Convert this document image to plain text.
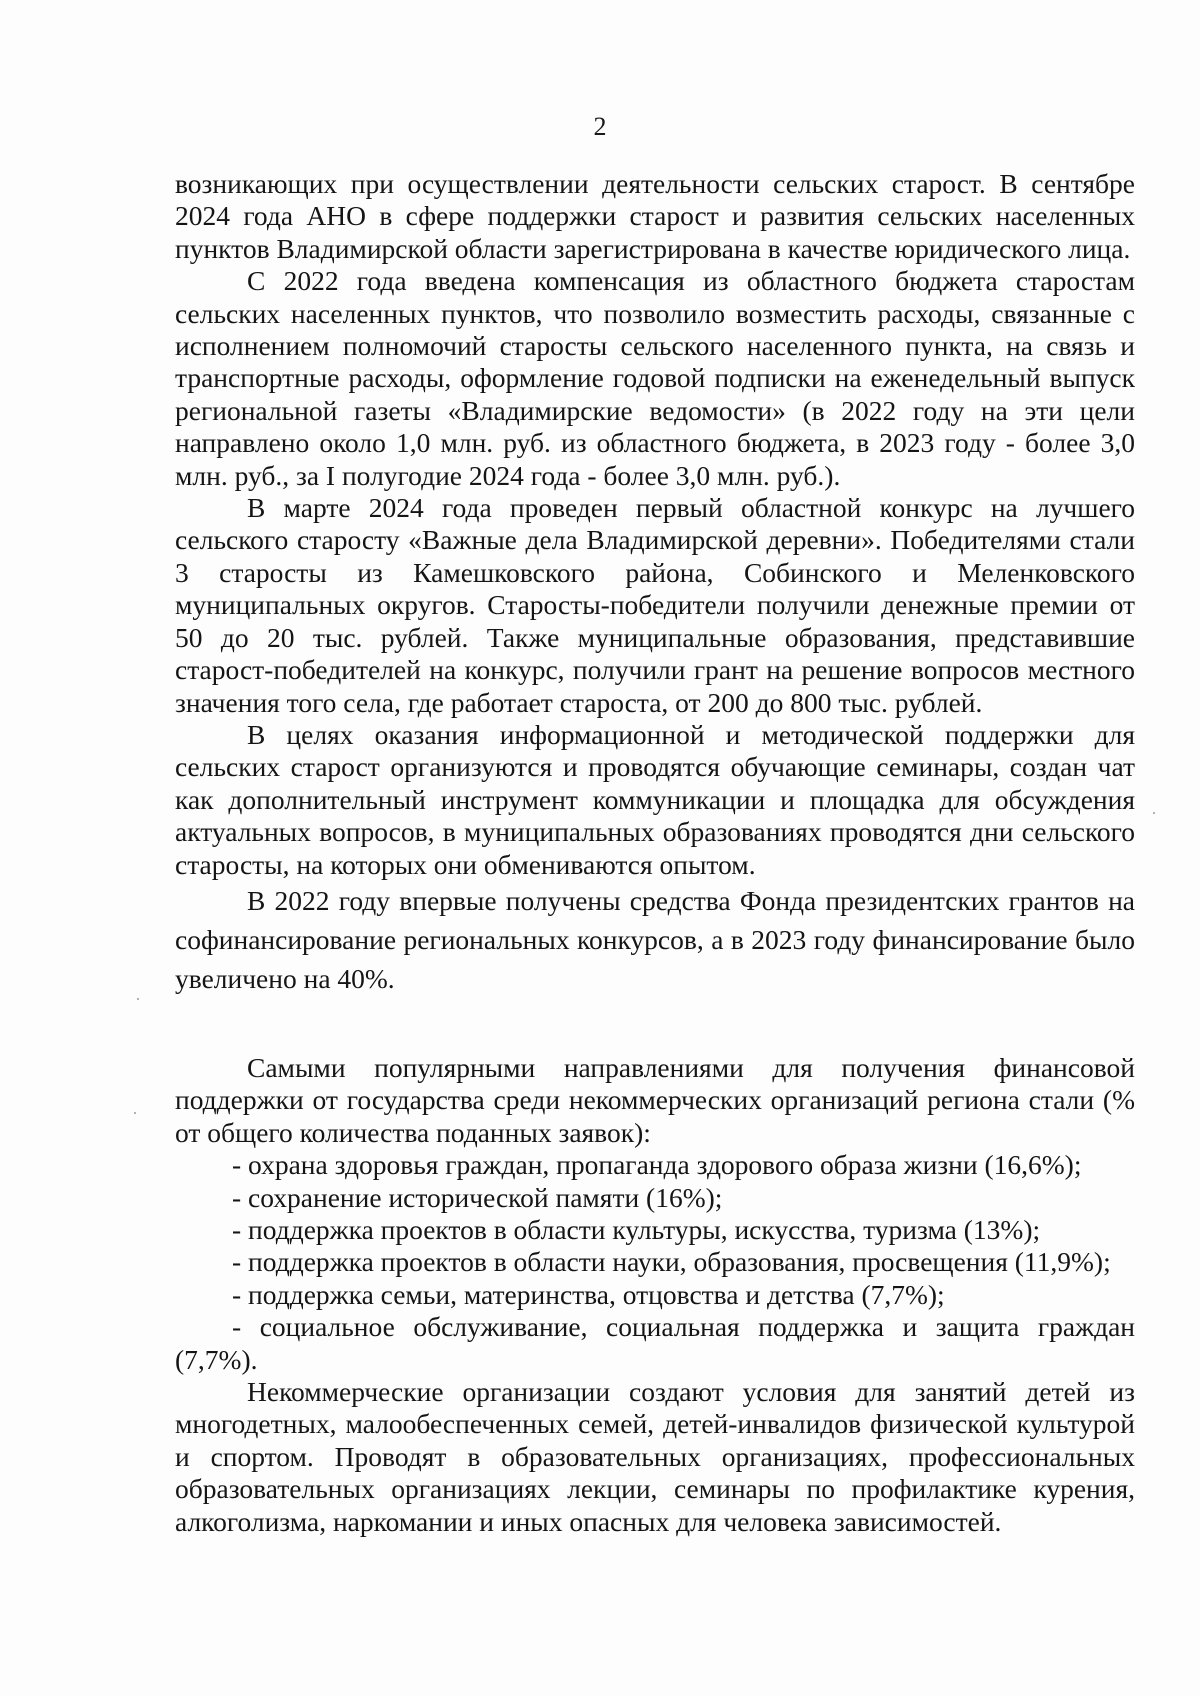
2

возникающих при осуществлении деятельности сельских старост. В сентябре 2024 года АНО в сфере поддержки старост и развития сельских населенных пунктов Владимирской области зарегистрирована в качестве юридического лица.

С 2022 года введена компенсация из областного бюджета старостам сельских населенных пунктов, что позволило возместить расходы, связанные с исполнением полномочий старосты сельского населенного пункта, на связь и транспортные расходы, оформление годовой подписки на еженедельный выпуск региональной газеты «Владимирские ведомости» (в 2022 году на эти цели направлено около 1,0 млн. руб. из областного бюджета, в 2023 году - более 3,0 млн. руб., за I полугодие 2024 года - более 3,0 млн. руб.).

В марте 2024 года проведен первый областной конкурс на лучшего сельского старосту «Важные дела Владимирской деревни». Победителями стали 3 старосты из Камешковского района, Собинского и Меленковского муниципальных округов. Старосты-победители получили денежные премии от 50 до 20 тыс. рублей. Также муниципальные образования, представившие старост-победителей на конкурс, получили грант на решение вопросов местного значения того села, где работает староста, от 200 до 800 тыс. рублей.

В целях оказания информационной и методической поддержки для сельских старост организуются и проводятся обучающие семинары, создан чат как дополнительный инструмент коммуникации и площадка для обсуждения актуальных вопросов, в муниципальных образованиях проводятся дни сельского старосты, на которых они обмениваются опытом.

В 2022 году впервые получены средства Фонда президентских грантов на софинансирование региональных конкурсов, а в 2023 году финансирование было увеличено на 40%.

Самыми популярными направлениями для получения финансовой поддержки от государства среди некоммерческих организаций региона стали (% от общего количества поданных заявок):

- охрана здоровья граждан, пропаганда здорового образа жизни (16,6%);
- сохранение исторической памяти (16%);
- поддержка проектов в области культуры, искусства, туризма (13%);
- поддержка проектов в области науки, образования, просвещения (11,9%);
- поддержка семьи, материнства, отцовства и детства (7,7%);
- социальное обслуживание, социальная поддержка и защита граждан (7,7%).

Некоммерческие организации создают условия для занятий детей из многодетных, малообеспеченных семей, детей-инвалидов физической культурой и спортом. Проводят в образовательных организациях, профессиональных образовательных организациях лекции, семинары по профилактике курения, алкоголизма, наркомании и иных опасных для человека зависимостей.
